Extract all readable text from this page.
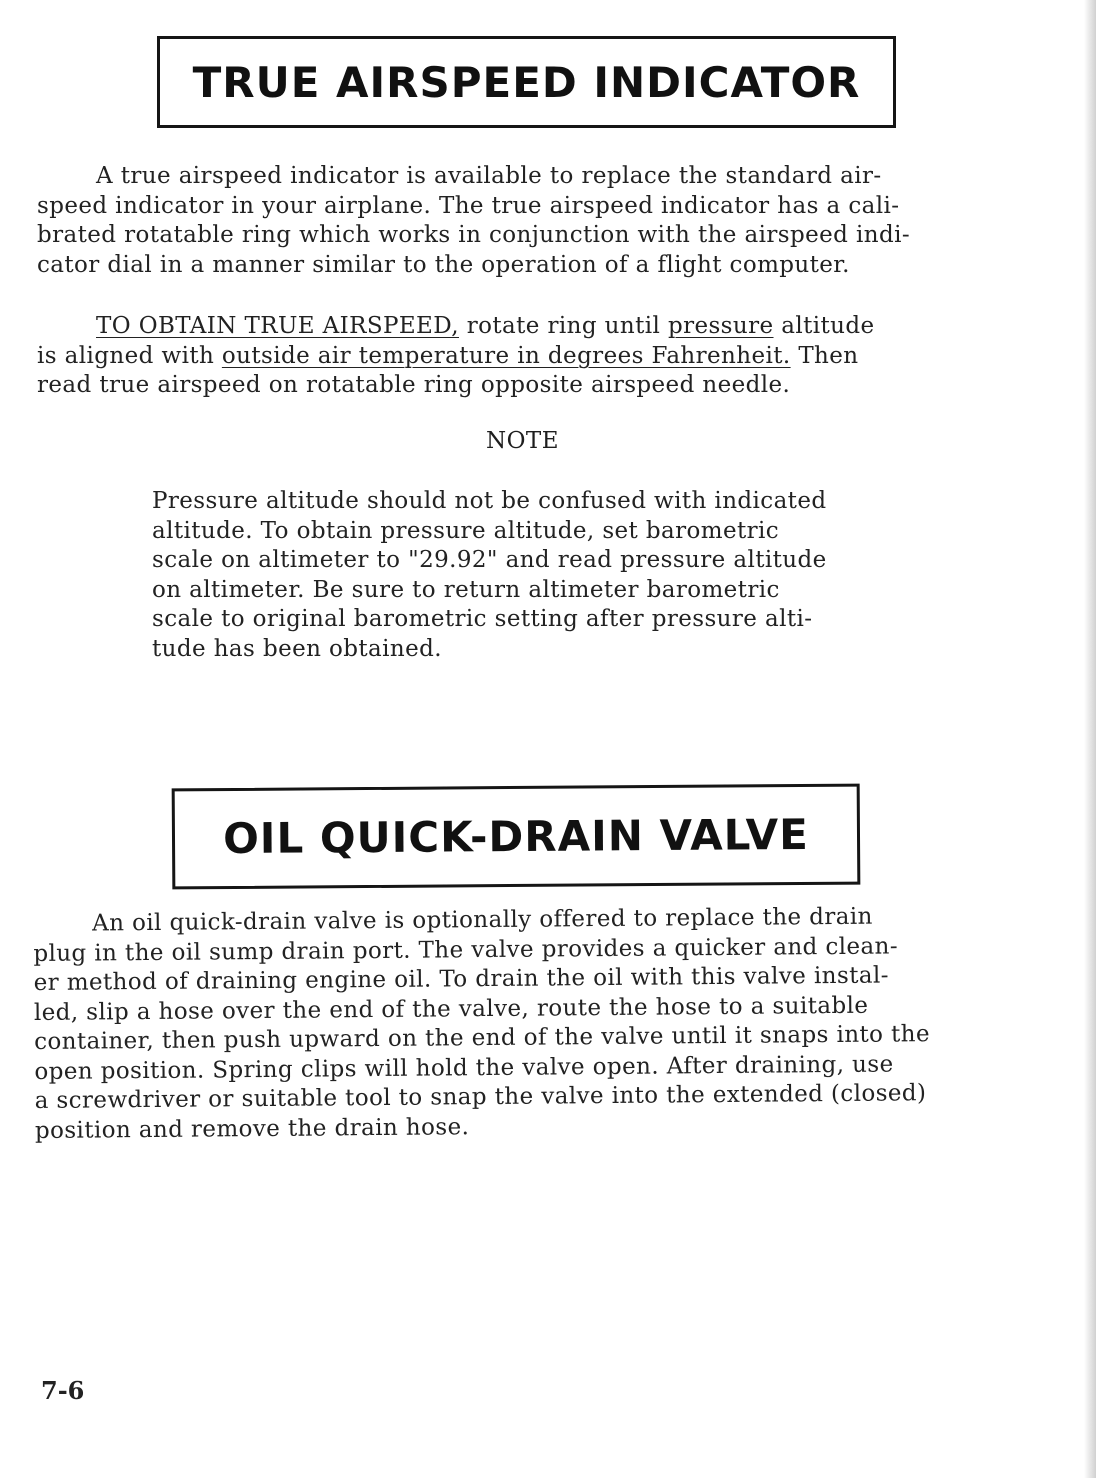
TRUE AIRSPEED INDICATOR
A true airspeed indicator is available to replace the standard air-
speed indicator in your airplane. The true airspeed indicator has a cali-
brated rotatable ring which works in conjunction with the airspeed indi-
cator dial in a manner similar to the operation of a flight computer.
TO OBTAIN TRUE AIRSPEED, rotate ring until pressure altitude
is aligned with outside air temperature in degrees Fahrenheit. Then
read true airspeed on rotatable ring opposite airspeed needle.
NOTE
Pressure altitude should not be confused with indicated
altitude. To obtain pressure altitude, set barometric
scale on altimeter to "29.92" and read pressure altitude
on altimeter. Be sure to return altimeter barometric
scale to original barometric setting after pressure alti-
tude has been obtained.
OIL QUICK-DRAIN VALVE
An oil quick-drain valve is optionally offered to replace the drain
plug in the oil sump drain port. The valve provides a quicker and clean-
er method of draining engine oil. To drain the oil with this valve instal-
led, slip a hose over the end of the valve, route the hose to a suitable
container, then push upward on the end of the valve until it snaps into the
open position. Spring clips will hold the valve open. After draining, use
a screwdriver or suitable tool to snap the valve into the extended (closed)
position and remove the drain hose.
7-6
